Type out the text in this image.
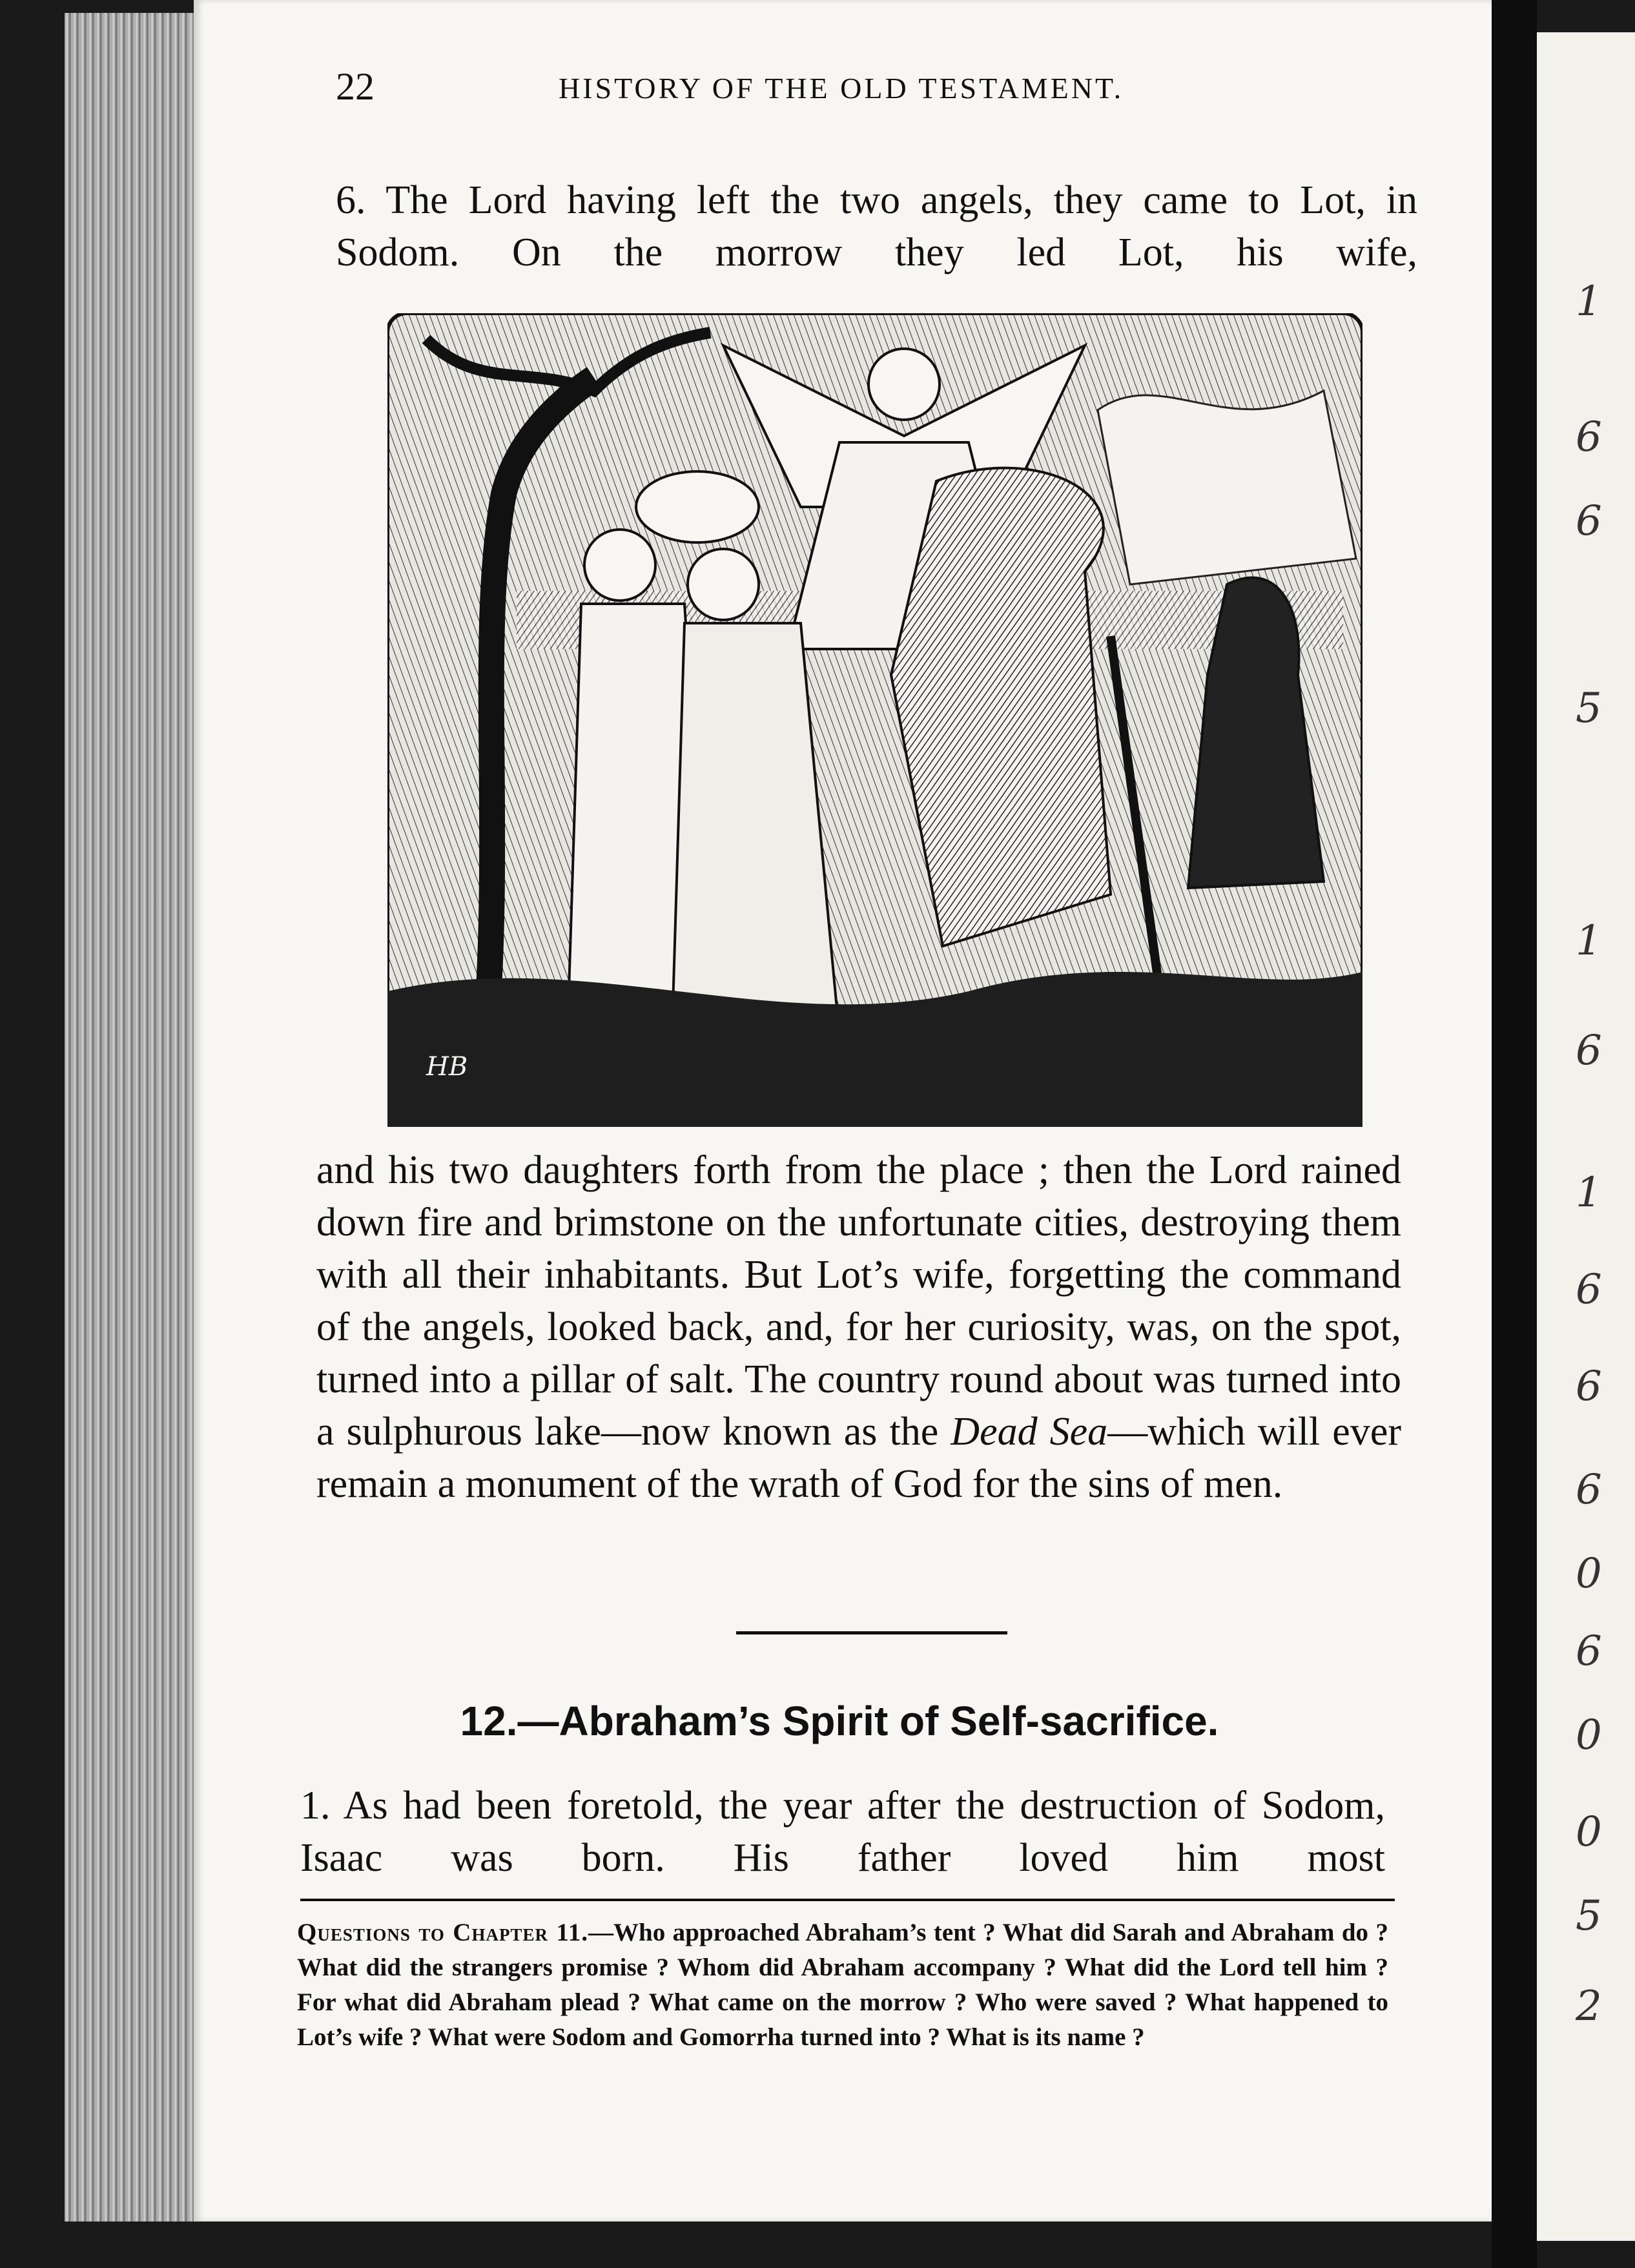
1
6
6
5
1
6
1
6
6
6
0
6
0
0
5
2
22	HISTORY OF THE OLD TESTAMENT.
6. The Lord having left the two angels, they came to Lot, in Sodom. On the morrow they led Lot, his wife,
HB
and his two daughters forth from the place ; then the Lord rained down fire and brimstone on the unfortunate cities, destroying them with all their inhabitants. But Lot’s wife, forgetting the command of the angels, looked back, and, for her curiosity, was, on the spot, turned into a pillar of salt. The country round about was turned into a sulphurous lake—now known as the Dead Sea—which will ever remain a monument of the wrath of God for the sins of men.
12.—Abraham’s Spirit of Self-sacrifice.
1. As had been foretold, the year after the destruction of Sodom, Isaac was born. His father loved him most
Questions to Chapter 11.—Who approached Abraham’s tent ? What did Sarah and Abraham do ? What did the strangers promise ? Whom did Abraham accompany ? What did the Lord tell him ? For what did Abraham plead ? What came on the morrow ? Who were saved ? What happened to Lot’s wife ? What were Sodom and Gomorrha turned into ? What is its name ?
